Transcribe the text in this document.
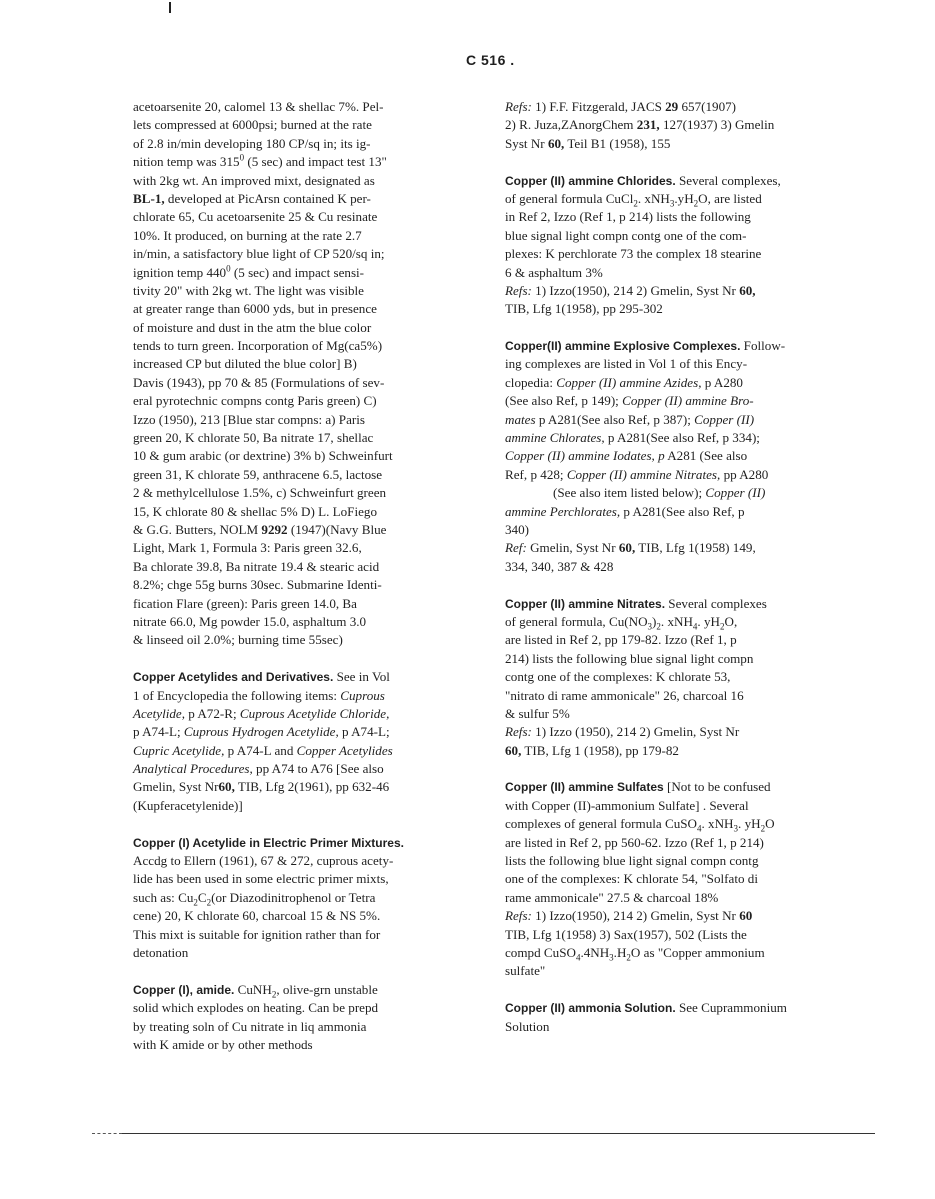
C 516 .
acetoarsenite 20, calomel 13 & shellac 7%. Pel-
lets compressed at 6000psi; burned at the rate
of 2.8 in/min developing 180 CP/sq in; its ig-
nition temp was $315^0$ (5 sec) and impact test 13"
with 2kg wt. An improved mixt, designated as
BL-1, developed at PicArsn contained K per-
chlorate 65, Cu acetoarsenite 25 & Cu resinate
10%. It produced, on burning at the rate 2.7
in/min, a satisfactory blue light of CP 520/sq in;
ignition temp $440^0$ (5 sec) and impact sensi-
tivity 20" with 2kg wt. The light was visible
at greater range than 6000 yds, but in presence
of moisture and dust in the atm the blue color
tends to turn green. Incorporation of Mg(ca5%)
increased CP but diluted the blue color] B)
Davis (1943), pp 70 & 85 (Formulations of sev-
eral pyrotechnic compns contg Paris green) C)
Izzo (1950), 213 [Blue star compns: a) Paris
green 20, K chlorate 50, Ba nitrate 17, shellac
10 & gum arabic (or dextrine) 3% b) Schweinfurt
green 31, K chlorate 59, anthracene 6.5, lactose
2 & methylcellulose 1.5%, c) Schweinfurt green
15, K chlorate 80 & shellac 5% D) L. LoFiego
& G.G. Butters, NOLM 9292 (1947)(Navy Blue
Light, Mark 1, Formula 3: Paris green 32.6,
Ba chlorate 39.8, Ba nitrate 19.4 & stearic acid
8.2%; chge 55g burns 30sec. Submarine Identi-
fication Flare (green): Paris green 14.0, Ba
nitrate 66.0, Mg powder 15.0, asphaltum 3.0
& linseed oil 2.0%; burning time 55sec)
Copper Acetylides and Derivatives. See in Vol
1 of Encyclopedia the following items: Cuprous
Acetylide, p A72-R; Cuprous Acetylide Chloride,
p A74-L; Cuprous Hydrogen Acetylide, p A74-L;
Cupric Acetylide, p A74-L and Copper Acetylides
Analytical Procedures, pp A74 to A76 [See also
Gmelin, Syst Nr60, TIB, Lfg 2(1961), pp 632-46
(Kupferacetylenide)]
Copper (I) Acetylide in Electric Primer Mixtures.
Accdg to Ellern (1961), 67 & 272, cuprous acety-
lide has been used in some electric primer mixts,
such as: $Cu_2C_2(or$ Diazodinitrophenol or Tetra
cene) 20, K chlorate 60, charcoal 15 & NS 5%.
This mixt is suitable for ignition rather than for
detonation
Copper (I), amide. CuNH$_2$, olive-grn unstable
solid which explodes on heating. Can be prepd
by treating soln of Cu nitrate in liq ammonia
with K amide or by other methods
Refs: 1) F.F. Fitzgerald, JACS 29 657(1907)
2) R. Juza,ZAnorgChem 231, 127(1937) 3) Gmelin
Syst Nr 60, Teil B1 (1958), 155
Copper (II) ammine Chlorides. Several complexes,
of general formula CuCl$_2$. $xNH_3.yH_2O$, are listed
in Ref 2, Izzo (Ref 1, p 214) lists the following
blue signal light compn contg one of the com-
plexes: K perchlorate 73 the complex 18 stearine
6 & asphaltum 3%
Refs: 1) Izzo(1950), 214 2) Gmelin, Syst Nr 60,
TIB, Lfg 1(1958), pp 295-302
Copper(II) ammine Explosive Complexes. Follow-
ing complexes are listed in Vol 1 of this Ency-
clopedia: Copper (II) ammine Azides, p A280
(See also Ref, p 149); Copper (II) ammine Bro-
mates p A281(See also Ref, p 387); Copper (II)
ammine Chlorates, p A281(See also Ref, p 334);
Copper (II) ammine Iodates, p A281 (See also
Ref, p 428; Copper (II) ammine Nitrates, pp A280
(See also item listed below); Copper (II)
ammine Perchlorates, p A281(See also Ref, p
340)
Ref: Gmelin, Syst Nr 60, TIB, Lfg 1(1958) 149,
334, 340, 387 & 428
Copper (II) ammine Nitrates. Several complexes
of general formula, $Cu(NO_3)_2$. xNH$_4$. $yH_2O$,
are listed in Ref 2, pp 179-82. Izzo (Ref 1, p
214) lists the following blue signal light compn
contg one of the complexes: K chlorate 53,
"nitrato di rame ammonicale" 26, charcoal 16
& sulfur 5%
Refs: 1) Izzo (1950), 214 2) Gmelin, Syst Nr
60, TIB, Lfg 1 (1958), pp 179-82
Copper (II) ammine Sulfates [Not to be confused
with Copper (II)-ammonium Sulfate] . Several
complexes of general formula CuSO$_4$. xNH$_3$. $yH_2O$
are listed in Ref 2, pp 560-62. Izzo (Ref 1, p 214)
lists the following blue light signal compn contg
one of the complexes: K chlorate 54, "Solfato di
rame ammonicale" 27.5 & charcoal 18%
Refs: 1) Izzo(1950), 214 2) Gmelin, Syst Nr 60
TIB, Lfg 1(1958) 3) Sax(1957), 502 (Lists the
compd $CuSO_4.4NH_3.H_2O$ as "Copper ammonium
sulfate"
Copper (II) ammonia Solution. See Cuprammonium
Solution
